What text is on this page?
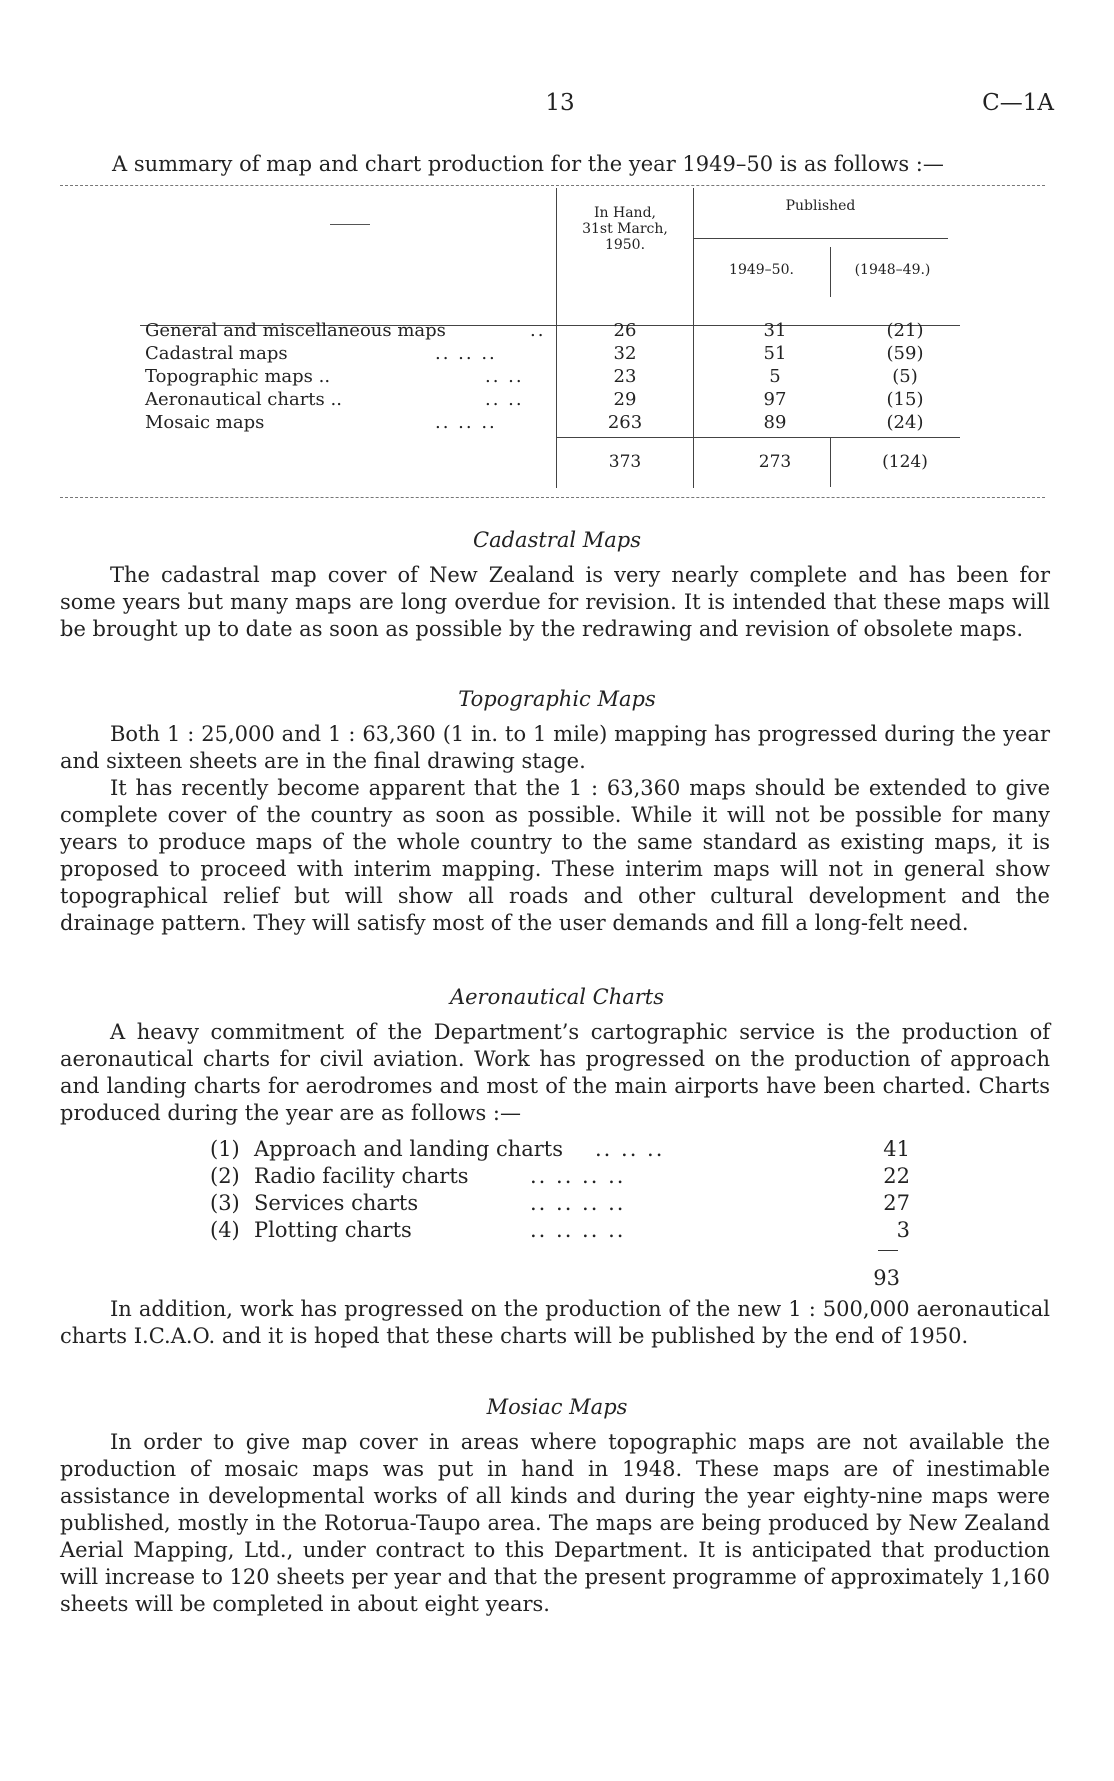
13	C—1A
A summary of map and chart production for the year 1949–50 is as follows :—
In Hand,
31st March,
1950.
Published
1949–50.	(1948–49.)
General and miscellaneous maps	..	26	31	(21)
Cadastral maps	.. .. ..	32	51	(59)
Topographic maps ..	.. ..	23	5	(5)
Aeronautical charts ..	.. ..	29	97	(15)
Mosaic maps	.. .. ..	263	89	(24)
373	273	(124)
Cadastral Maps

The cadastral map cover of New Zealand is very nearly complete and has been for some years but many maps are long overdue for revision. It is intended that these maps will be brought up to date as soon as possible by the redrawing and revision of obsolete maps.

Topographic Maps

Both 1 : 25,000 and 1 : 63,360 (1 in. to 1 mile) mapping has progressed during the year and sixteen sheets are in the final drawing stage.

It has recently become apparent that the 1 : 63,360 maps should be extended to give complete cover of the country as soon as possible. While it will not be possible for many years to produce maps of the whole country to the same standard as existing maps, it is proposed to proceed with interim mapping. These interim maps will not in general show topographical relief but will show all roads and other cultural development and the drainage pattern. They will satisfy most of the user demands and fill a long-felt need.

Aeronautical Charts

A heavy commitment of the Department’s cartographic service is the production of aeronautical charts for civil aviation. Work has progressed on the production of approach and landing charts for aerodromes and most of the main airports have been charted. Charts produced during the year are as follows :—

(1) Approach and landing charts .. .. ..	41
(2) Radio facility charts	.. .. .. ..	22
(3) Services charts	.. .. .. ..	27
(4) Plotting charts	.. .. .. ..	3
93

In addition, work has progressed on the production of the new 1 : 500,000 aeronautical charts I.C.A.O. and it is hoped that these charts will be published by the end of 1950.

Mosiac Maps

In order to give map cover in areas where topographic maps are not available the production of mosaic maps was put in hand in 1948. These maps are of inestimable assistance in developmental works of all kinds and during the year eighty-nine maps were published, mostly in the Rotorua-Taupo area. The maps are being produced by New Zealand Aerial Mapping, Ltd., under contract to this Department. It is anticipated that production will increase to 120 sheets per year and that the present programme of approximately 1,160 sheets will be completed in about eight years.
